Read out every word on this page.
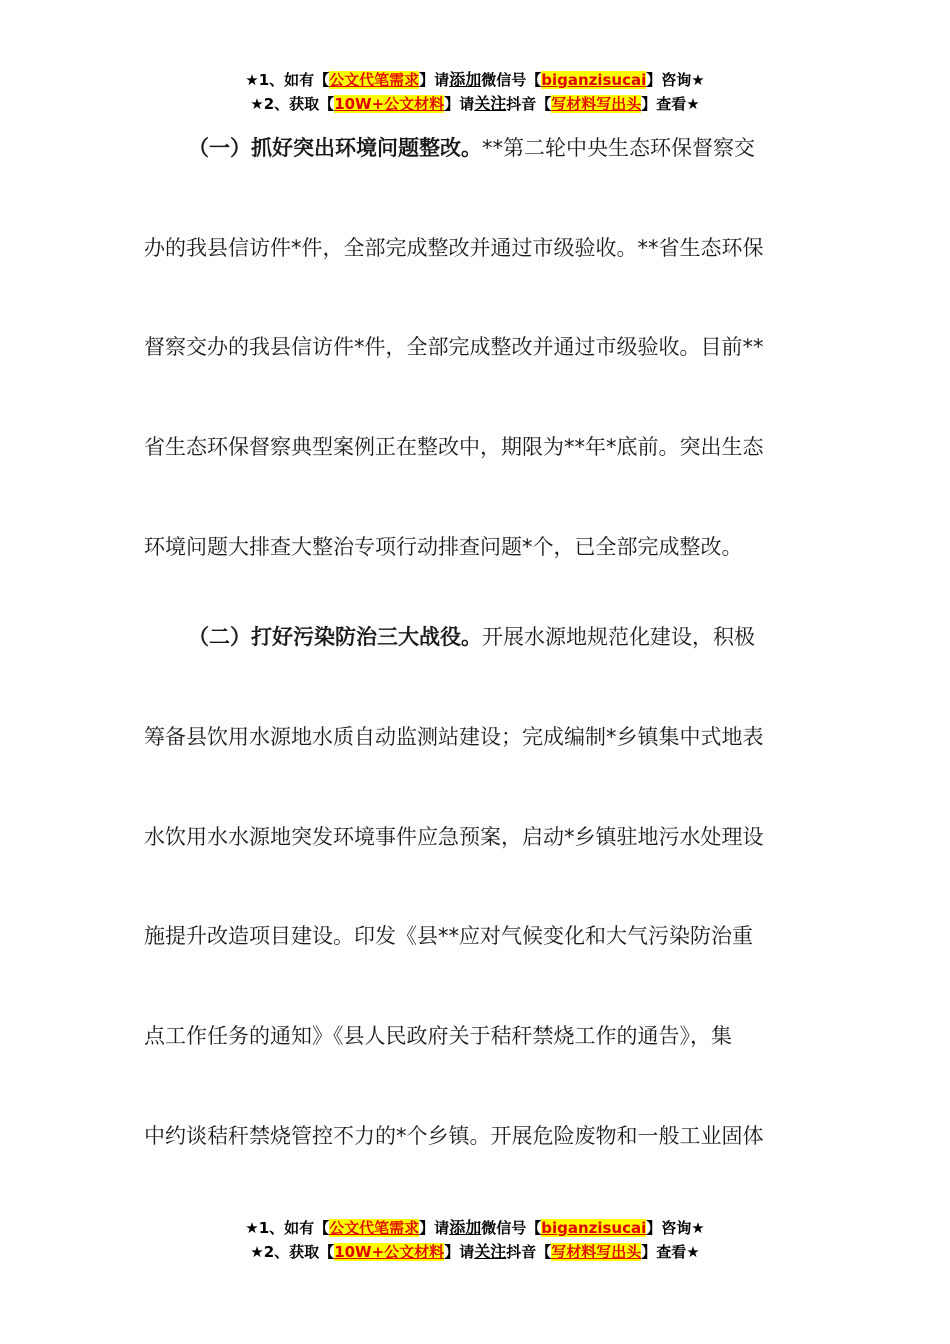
★1、如有【公文代笔需求】请添加微信号【biganzisucai】咨询★
★2、获取【10W+公文材料】请关注抖音【写材料写出头】查看★
（一）抓好突出环境问题整改。**第二轮中央生态环保督察交
办的我县信访件*件，全部完成整改并通过市级验收。**省生态环保
督察交办的我县信访件*件，全部完成整改并通过市级验收。目前**
省生态环保督察典型案例正在整改中，期限为**年*底前。突出生态
环境问题大排查大整治专项行动排查问题*个，已全部完成整改。
（二）打好污染防治三大战役。开展水源地规范化建设，积极
筹备县饮用水源地水质自动监测站建设；完成编制*乡镇集中式地表
水饮用水水源地突发环境事件应急预案，启动*乡镇驻地污水处理设
施提升改造项目建设。印发《县**应对气候变化和大气污染防治重
点工作任务的通知》《县人民政府关于秸秆禁烧工作的通告》，集
中约谈秸秆禁烧管控不力的*个乡镇。开展危险废物和一般工业固体
★1、如有【公文代笔需求】请添加微信号【biganzisucai】咨询★
★2、获取【10W+公文材料】请关注抖音【写材料写出头】查看★
